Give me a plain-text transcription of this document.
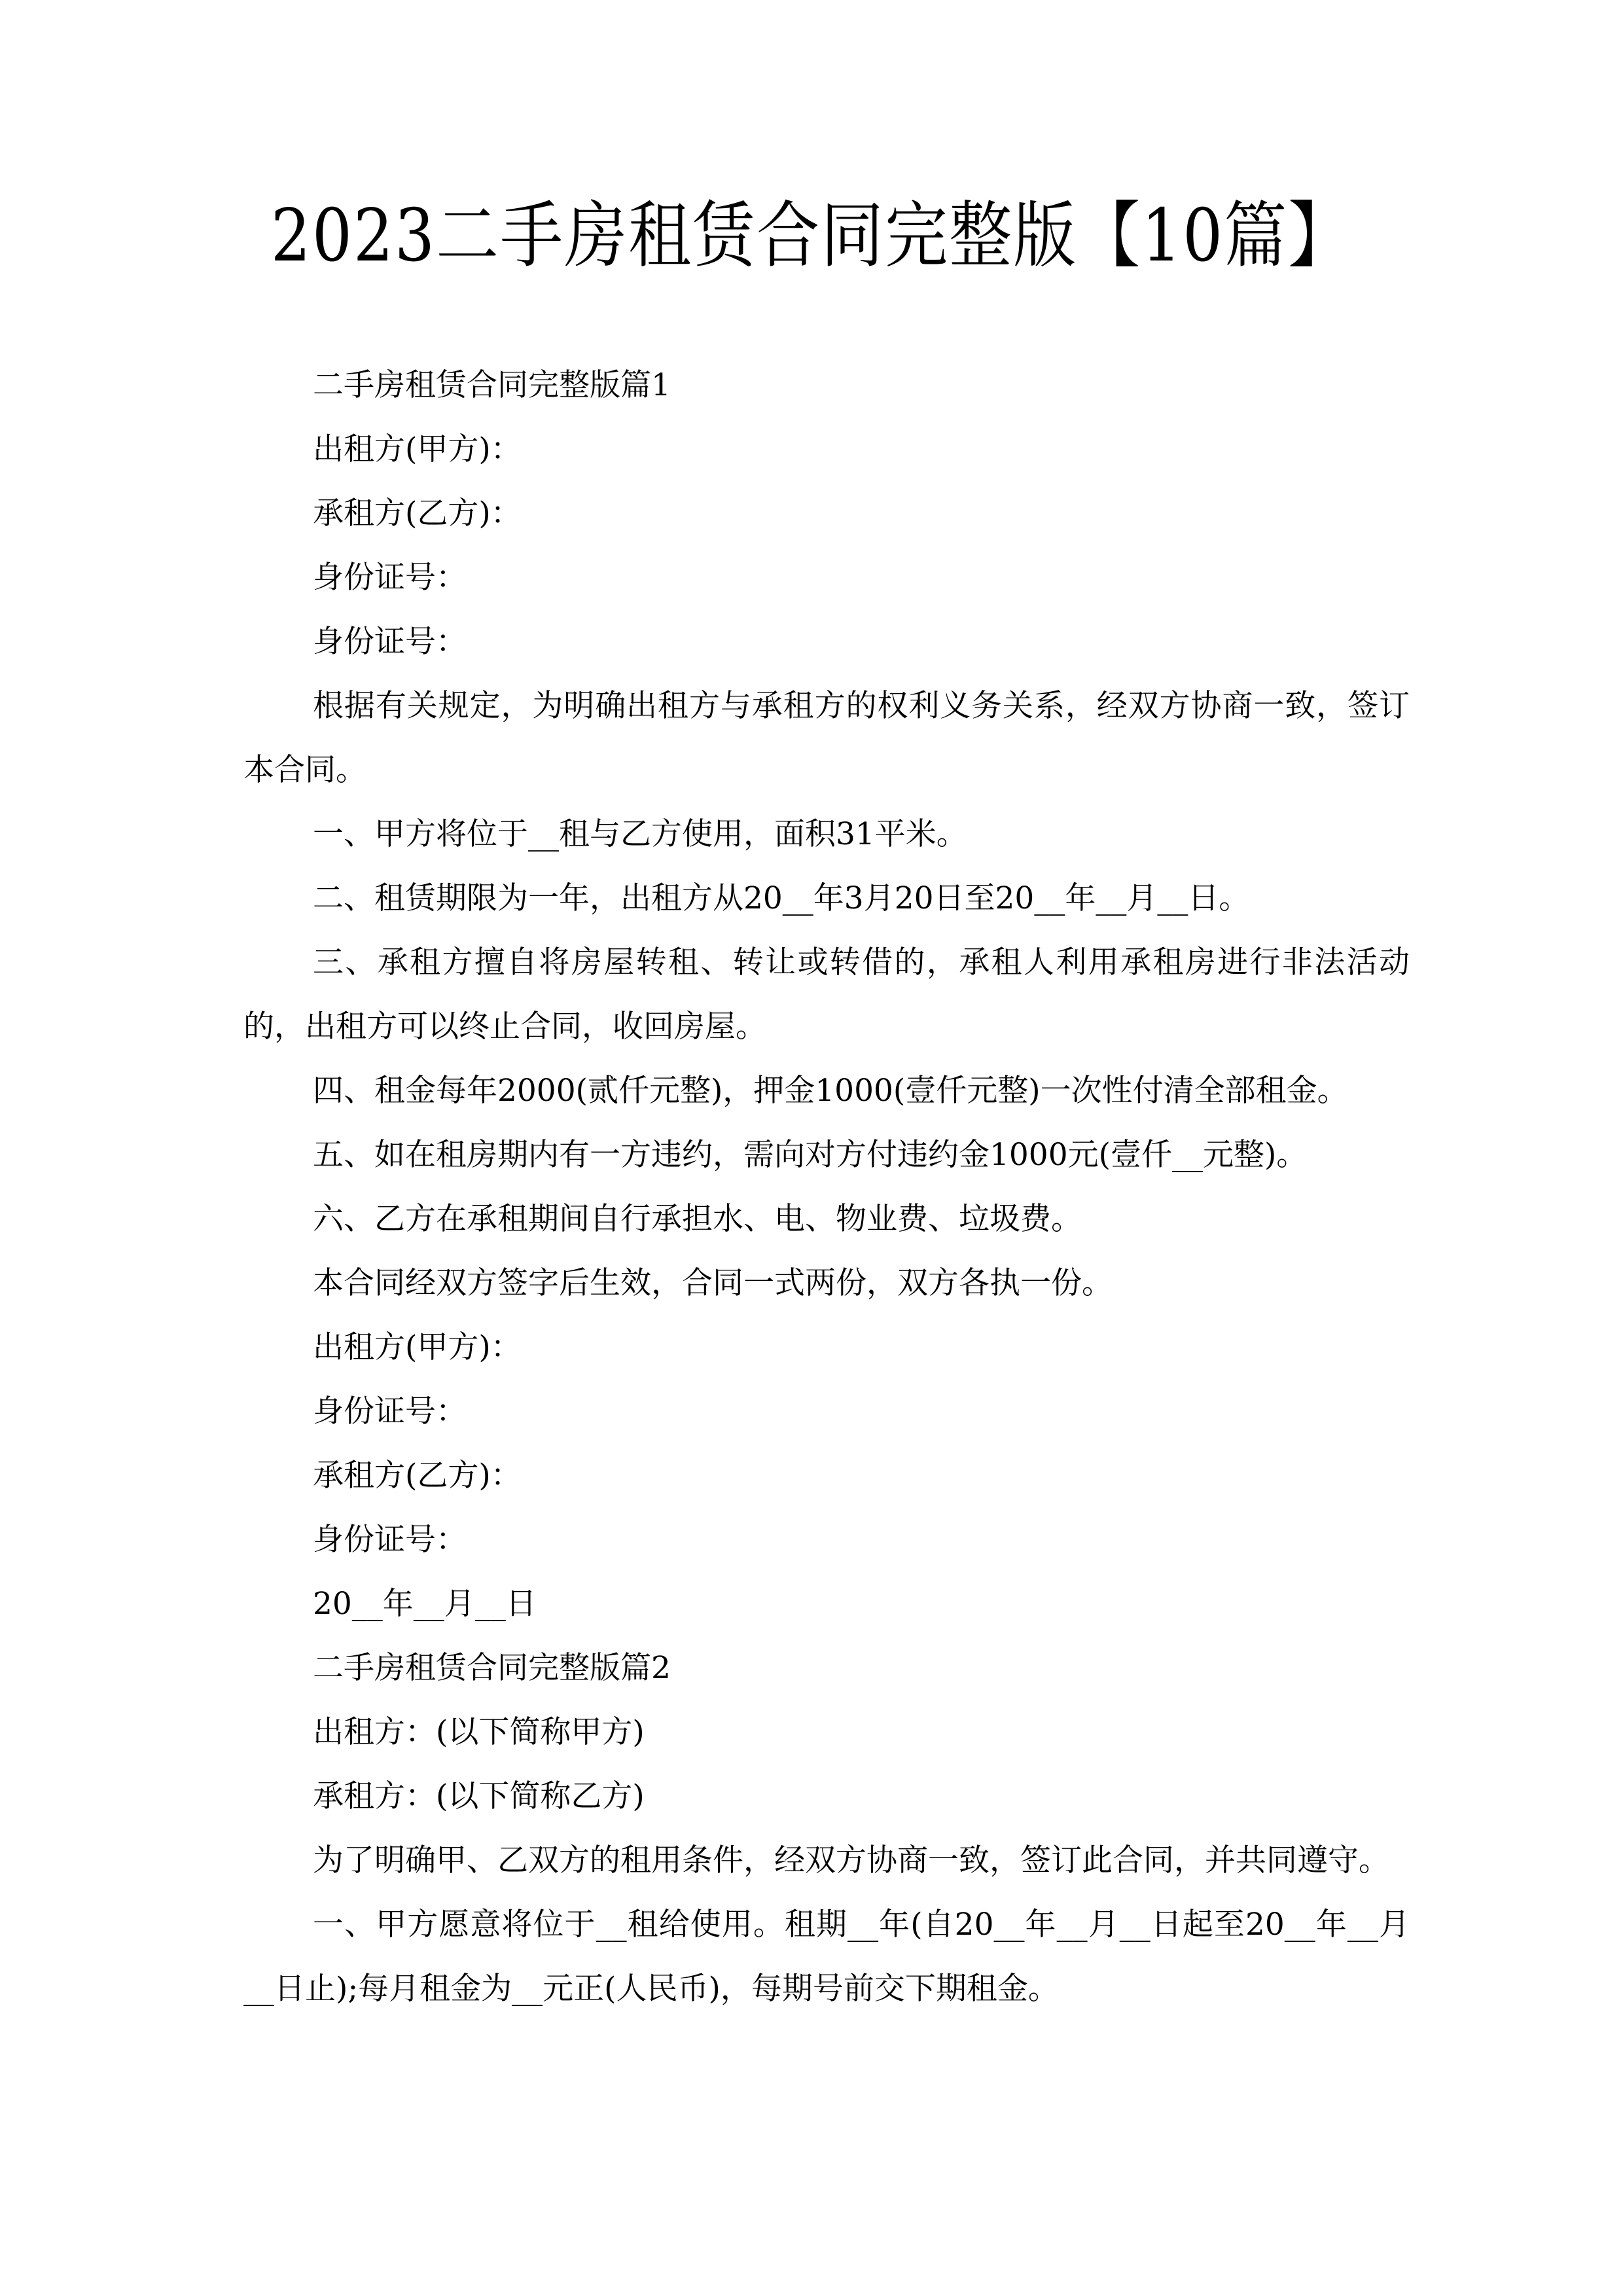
2023二手房租赁合同完整版【10篇】

二手房租赁合同完整版篇1

出租方(甲方)：

承租方(乙方)：

身份证号：

身份证号：

根据有关规定，为明确出租方与承租方的权利义务关系，经双方协商一致，签订本合同。

一、甲方将位于__租与乙方使用，面积31平米。

二、租赁期限为一年，出租方从20__年3月20日至20__年__月__日。

三、承租方擅自将房屋转租、转让或转借的，承租人利用承租房进行非法活动的，出租方可以终止合同，收回房屋。

四、租金每年2000(贰仟元整)，押金1000(壹仟元整)一次性付清全部租金。

五、如在租房期内有一方违约，需向对方付违约金1000元(壹仟__元整)。

六、乙方在承租期间自行承担水、电、物业费、垃圾费。

本合同经双方签字后生效，合同一式两份，双方各执一份。

出租方(甲方)：

身份证号：

承租方(乙方)：

身份证号：

20__年__月__日

二手房租赁合同完整版篇2

出租方：(以下简称甲方)

承租方：(以下简称乙方)

为了明确甲、乙双方的租用条件，经双方协商一致，签订此合同，并共同遵守。

一、甲方愿意将位于__租给使用。租期__年(自20__年__月__日起至20__年__月__日止);每月租金为__元正(人民币)，每期号前交下期租金。
